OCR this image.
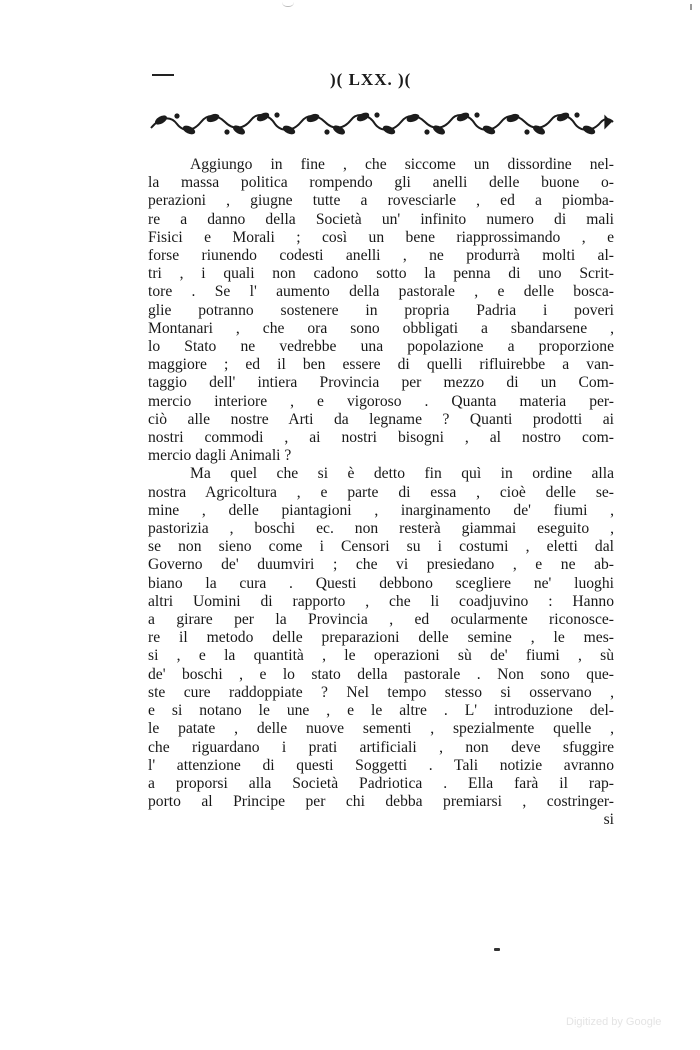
)( LXX. )(
Aggiungo in fine , che siccome un dissordine nel-
la massa politica rompendo gli anelli delle buone o-
perazioni , giugne tutte a rovesciarle , ed a piomba-
re a danno della Società un' infinito numero di mali
Fisici e Morali ; così un bene riapprossimando , e
forse riunendo codesti anelli , ne produrrà molti al-
tri , i quali non cadono sotto la penna di uno Scrit-
tore . Se l' aumento della pastorale , e delle bosca-
glie potranno sostenere in propria Padria i poveri
Montanari , che ora sono obbligati a sbandarsene ,
lo Stato ne vedrebbe una popolazione a proporzione
maggiore ; ed il ben essere di quelli rifluirebbe a van-
taggio dell' intiera Provincia per mezzo di un Com-
mercio interiore , e vigoroso . Quanta materia per-
ciò alle nostre Arti da legname ? Quanti prodotti ai
nostri commodi , ai nostri bisogni , al nostro com-
mercio dagli Animali ?
Ma quel che si è detto fin quì in ordine alla
nostra Agricoltura , e parte di essa , cioè delle se-
mine , delle piantagioni , inarginamento de' fiumi ,
pastorizia , boschi ec. non resterà giammai eseguito ,
se non sieno come i Censori su i costumi , eletti dal
Governo de' duumviri ; che vi presiedano , e ne ab-
biano la cura . Questi debbono scegliere ne' luoghi
altri Uomini di rapporto , che li coadjuvino : Hanno
a girare per la Provincia , ed ocularmente riconosce-
re il metodo delle preparazioni delle semine , le mes-
si , e la quantità , le operazioni sù de' fiumi , sù
de' boschi , e lo stato della pastorale . Non sono que-
ste cure raddoppiate ? Nel tempo stesso si osservano ,
e si notano le une , e le altre . L' introduzione del-
le patate , delle nuove sementi , spezialmente quelle ,
che riguardano i prati artificiali , non deve sfuggire
l' attenzione di questi Soggetti . Tali notizie avranno
a proporsi alla Società Padriotica . Ella farà il rap-
porto al Principe per chi debba premiarsi , costringer-
si
Digitized by Google
